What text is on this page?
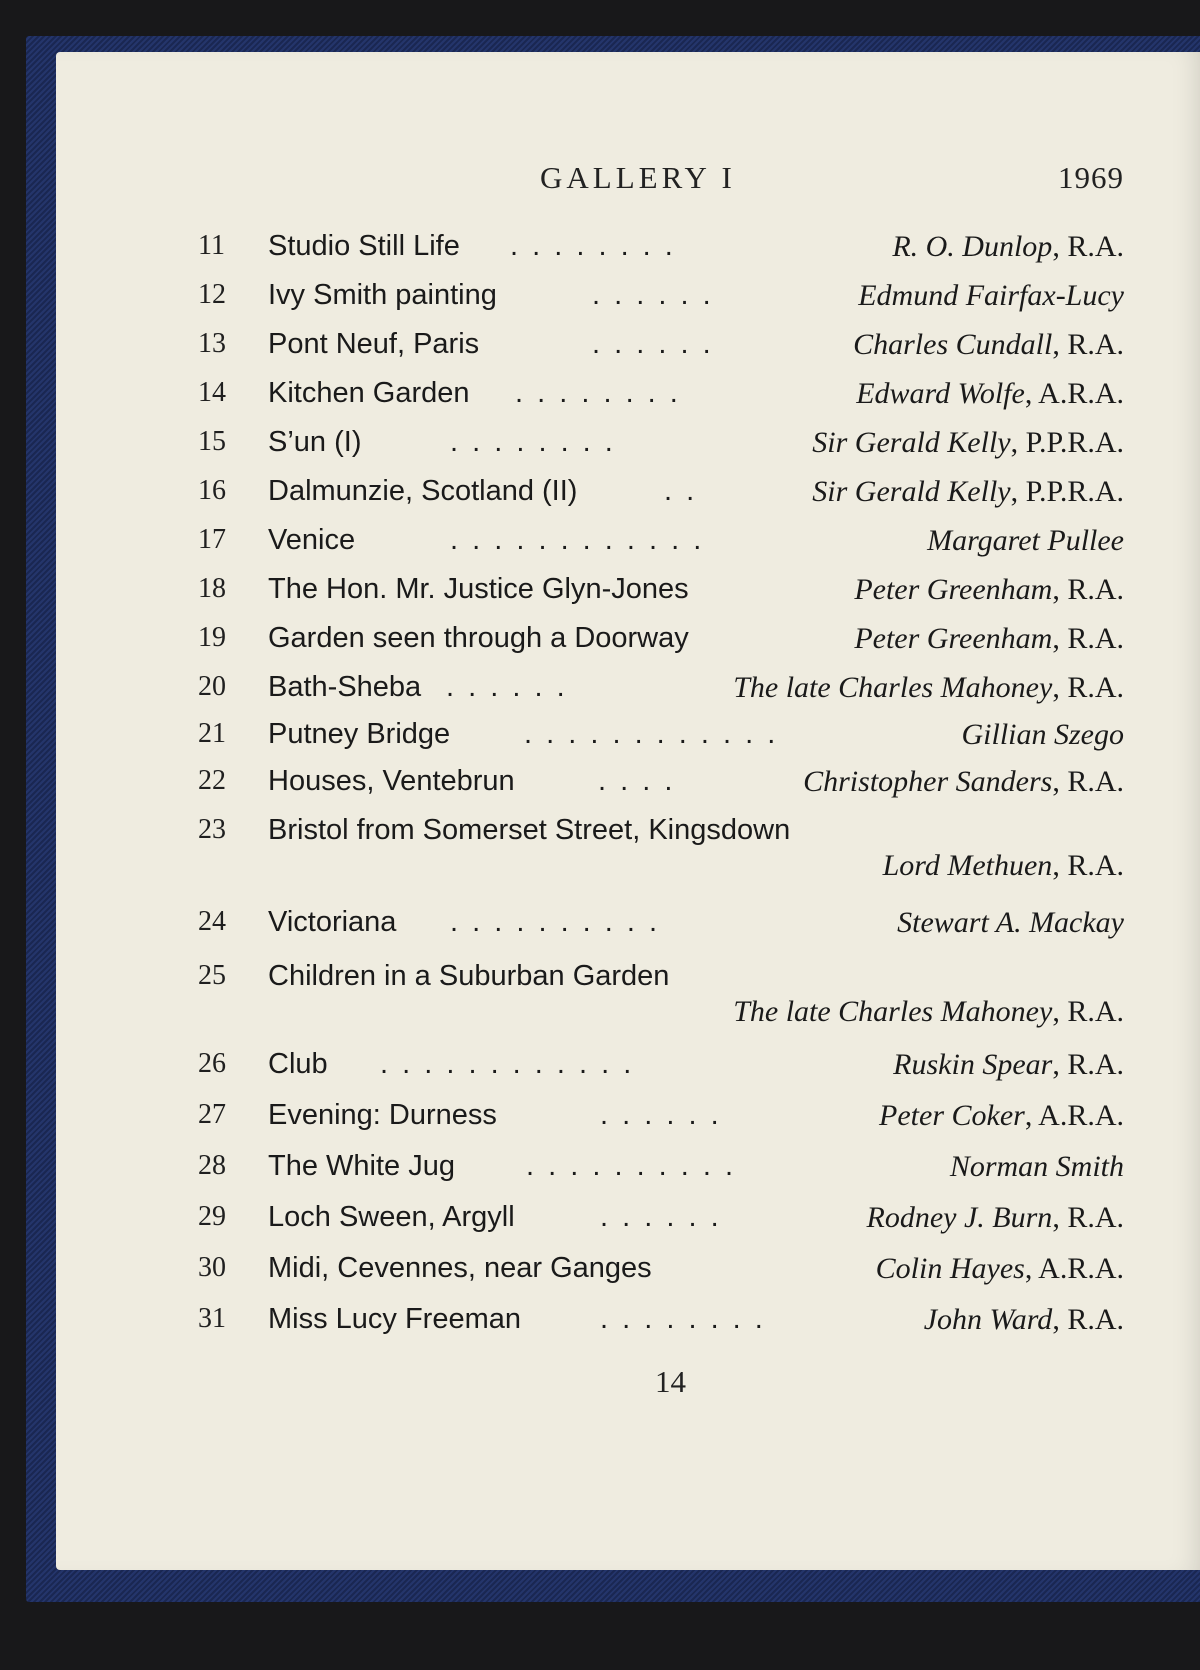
GALLERY I	1969
11 Studio Still Life . . . . . . . .	R. O. Dunlop, R.A.
12 Ivy Smith painting	. . . . . .	Edmund Fairfax-Lucy
13 Pont Neuf, Paris	. . . . . .	Charles Cundall, R.A.
14 Kitchen Garden . . . . . . . .	Edward Wolfe, A.R.A.
15 S’un (I)	. . . . . . . .	Sir Gerald Kelly, P.P.R.A.
16 Dalmunzie, Scotland (II)	. .	Sir Gerald Kelly, P.P.R.A.
17 Venice	. . . . . . . . . . . .	Margaret Pullee
18 The Hon. Mr. Justice Glyn-Jones	Peter Greenham, R.A.
19 Garden seen through a Doorway	Peter Greenham, R.A.
20 Bath-Sheba . . . . . .	The late Charles Mahoney, R.A.
21 Putney Bridge	. . . . . . . . . . . .	Gillian Szego
22 Houses, Ventebrun	. . . .	Christopher Sanders, R.A.
23 Bristol from Somerset Street, Kingsdown
Lord Methuen, R.A.
24 Victoriana . . . . . . . . . .	Stewart A. Mackay
25 Children in a Suburban Garden
The late Charles Mahoney, R.A.
26 Club . . . . . . . . . . . .	Ruskin Spear, R.A.
27 Evening: Durness	. . . . . .	Peter Coker, A.R.A.
28 The White Jug . . . . . . . . . .	Norman Smith
29 Loch Sween, Argyll	. . . . . .	Rodney J. Burn, R.A.
30 Midi, Cevennes, near Ganges	Colin Hayes, A.R.A.
31 Miss Lucy Freeman	. . . . . . . .	John Ward, R.A.
14
